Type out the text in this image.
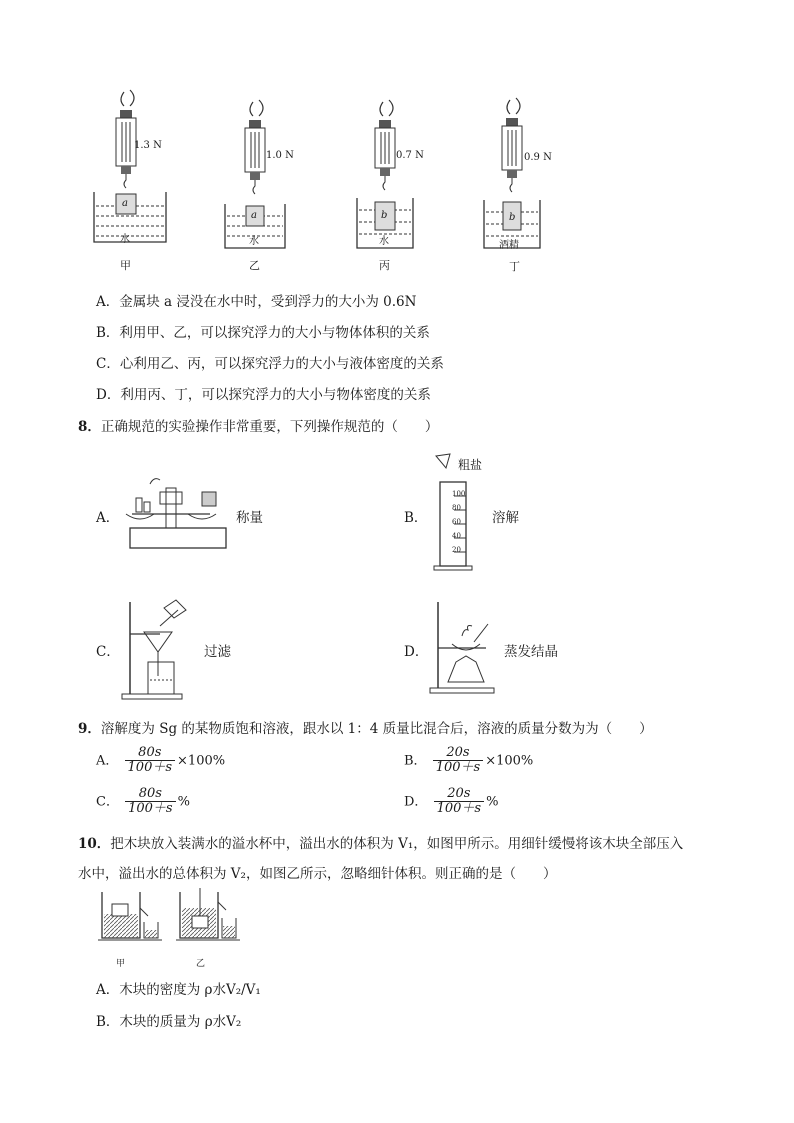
1.3 N
a
水
甲
1.0 N
a
水
乙
0.7 N
b
水
丙
0.9 N
b
酒精
丁
A．金属块 a 浸没在水中时，受到浮力的大小为 0.6N
B．利用甲、乙，可以探究浮力的大小与物体体积的关系
C．心利用乙、丙，可以探究浮力的大小与液体密度的关系
D．利用丙、丁，可以探究浮力的大小与物体密度的关系
8．正确规范的实验操作非常重要，下列操作规范的（　　）
A．	称量	B．
粗盐
100
80
60
40
20
溶解
C．	过滤	D．	蒸发结晶
9．溶解度为 Sg 的某物质饱和溶液，跟水以 1：4 质量比混合后，溶液的质量分数为为（　　）
A． $\frac{80s}{100+s} \times 100\%$	B． $\frac{20s}{100+s} \times 100\%$
C． $\frac{80s}{100+s}$ %	D． $\frac{20s}{100+s}$ %
10．把木块放入装满水的溢水杯中，溢出水的体积为 V₁，如图甲所示。用细针缓慢将该木块全部压入
水中，溢出水的总体积为 V₂，如图乙所示，忽略细针体积。则正确的是（　　）
甲	乙
A．木块的密度为 ρ水V₂/V₁
B．木块的质量为 ρ水V₂
